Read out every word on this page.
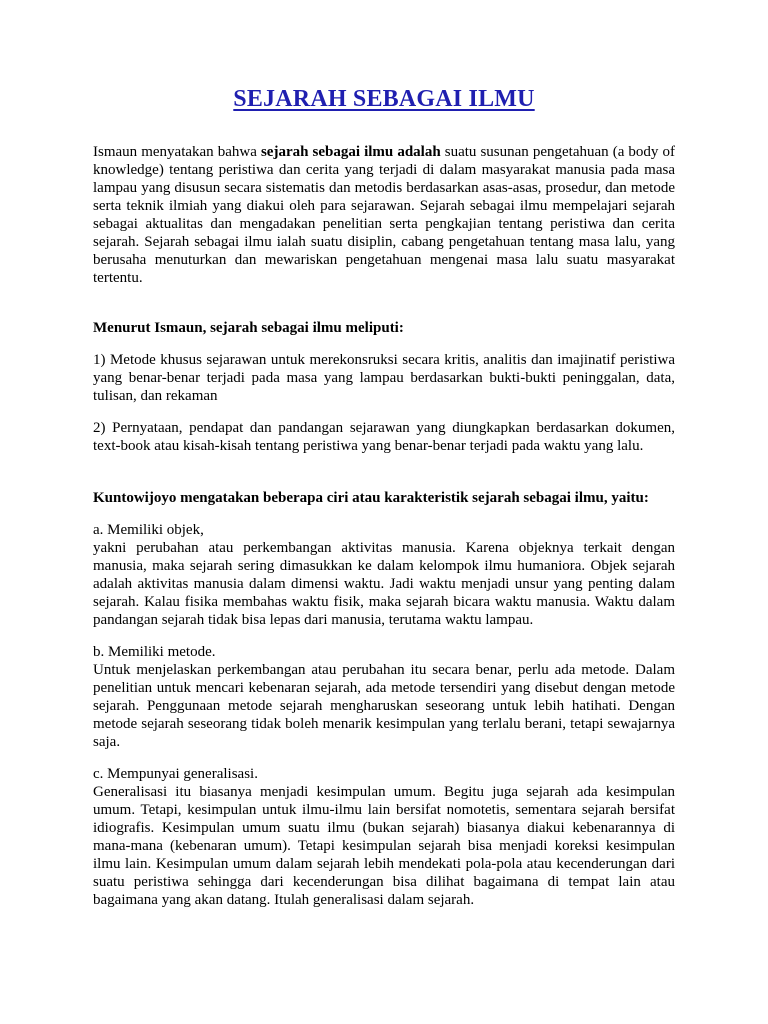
SEJARAH SEBAGAI ILMU

Ismaun menyatakan bahwa sejarah sebagai ilmu adalah suatu susunan pengetahuan (a body of knowledge) tentang peristiwa dan cerita yang terjadi di dalam masyarakat manusia pada masa lampau yang disusun secara sistematis dan metodis berdasarkan asas-asas, prosedur, dan metode serta teknik ilmiah yang diakui oleh para sejarawan. Sejarah sebagai ilmu mempelajari sejarah sebagai aktualitas dan mengadakan penelitian serta pengkajian tentang peristiwa dan cerita sejarah. Sejarah sebagai ilmu ialah suatu disiplin, cabang pengetahuan tentang masa lalu, yang berusaha menuturkan dan mewariskan pengetahuan mengenai masa lalu suatu masyarakat tertentu.

Menurut Ismaun, sejarah sebagai ilmu meliputi:

1) Metode khusus sejarawan untuk merekonsruksi secara kritis, analitis dan imajinatif peristiwa yang benar-benar terjadi pada masa yang lampau berdasarkan bukti-bukti peninggalan, data, tulisan, dan rekaman

2) Pernyataan, pendapat dan pandangan sejarawan yang diungkapkan berdasarkan dokumen, text-book atau kisah-kisah tentang peristiwa yang benar-benar terjadi pada waktu yang lalu.

Kuntowijoyo mengatakan beberapa ciri atau karakteristik sejarah sebagai ilmu, yaitu:

a. Memiliki objek,
yakni perubahan atau perkembangan aktivitas manusia. Karena objeknya terkait dengan manusia, maka sejarah sering dimasukkan ke dalam kelompok ilmu humaniora. Objek sejarah adalah aktivitas manusia dalam dimensi waktu. Jadi waktu menjadi unsur yang penting dalam sejarah. Kalau fisika membahas waktu fisik, maka sejarah bicara waktu manusia. Waktu dalam pandangan sejarah tidak bisa lepas dari manusia, terutama waktu lampau.

b. Memiliki metode.
Untuk menjelaskan perkembangan atau perubahan itu secara benar, perlu ada metode. Dalam penelitian untuk mencari kebenaran sejarah, ada metode tersendiri yang disebut dengan metode sejarah. Penggunaan metode sejarah mengharuskan seseorang untuk lebih hatihati. Dengan metode sejarah seseorang tidak boleh menarik kesimpulan yang terlalu berani, tetapi sewajarnya saja.

c. Mempunyai generalisasi.
Generalisasi itu biasanya menjadi kesimpulan umum. Begitu juga sejarah ada kesimpulan umum. Tetapi, kesimpulan untuk ilmu-ilmu lain bersifat nomotetis, sementara sejarah bersifat idiografis. Kesimpulan umum suatu ilmu (bukan sejarah) biasanya diakui kebenarannya di mana-mana (kebenaran umum). Tetapi kesimpulan sejarah bisa menjadi koreksi kesimpulan ilmu lain. Kesimpulan umum dalam sejarah lebih mendekati pola-pola atau kecenderungan dari suatu peristiwa sehingga dari kecenderungan bisa dilihat bagaimana di tempat lain atau bagaimana yang akan datang. Itulah generalisasi dalam sejarah.
